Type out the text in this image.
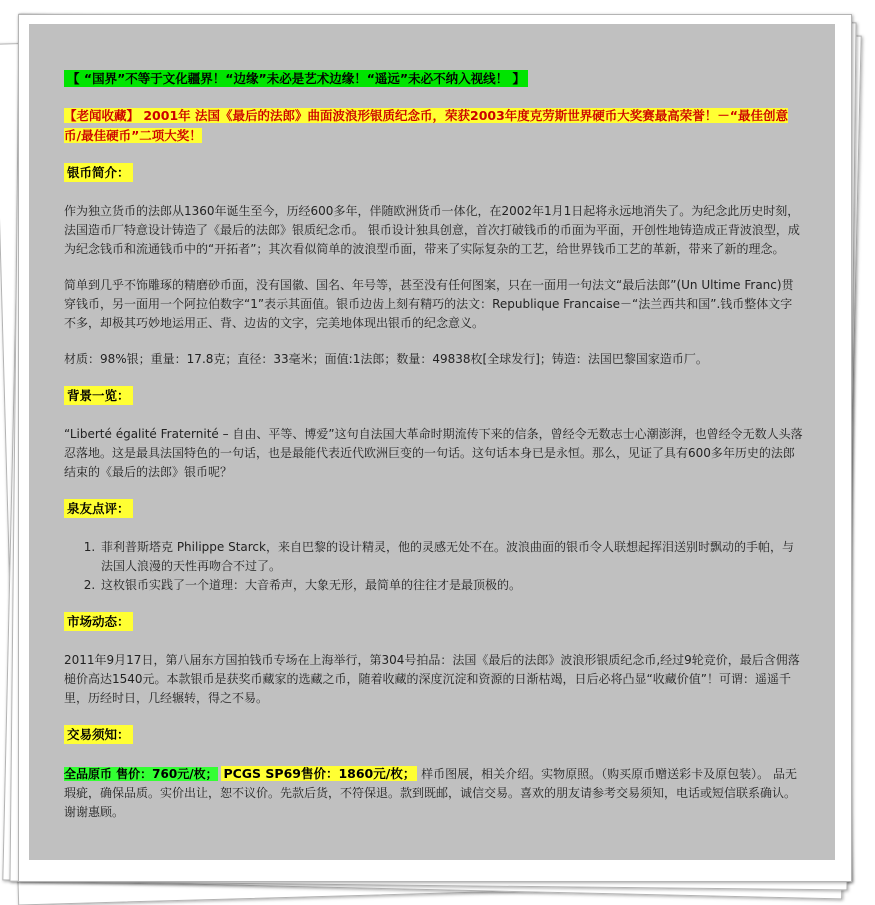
【 “国界”不等于文化疆界！“边缘”未必是艺术边缘！“遥远”未必不纳入视线！ 】

【老闻收藏】 2001年 法国《最后的法郎》曲面波浪形银质纪念币，荣获2003年度克劳斯世界硬币大奖赛最高荣誉！－“最佳创意币/最佳硬币”二项大奖！

银币简介：

作为独立货币的法郎从1360年诞生至今，历经600多年，伴随欧洲货币一体化，在2002年1月1日起将永远地消失了。为纪念此历史时刻，法国造币厂特意设计铸造了《最后的法郎》银质纪念币。 银币设计独具创意，首次打破钱币的币面为平面，开创性地铸造成正背波浪型，成为纪念钱币和流通钱币中的“开拓者”；其次看似简单的波浪型币面，带来了实际复杂的工艺，给世界钱币工艺的革新，带来了新的理念。

简单到几乎不饰雕琢的精磨砂币面，没有国徽、国名、年号等，甚至没有任何图案，只在一面用一句法文“最后法郎”(Un Ultime Franc)贯穿钱币，另一面用一个阿拉伯数字“1”表示其面值。银币边齿上刻有精巧的法文：Republique Francaise－“法兰西共和国”.钱币整体文字不多，却极其巧妙地运用正、背、边齿的文字，完美地体现出银币的纪念意义。

材质：98%银；重量：17.8克；直径：33毫米；面值:1法郎；数量：49838枚[全球发行]；铸造：法国巴黎国家造币厂。

背景一览：

“Liberté égalité Fraternité – 自由、平等、博爱”这句自法国大革命时期流传下来的信条，曾经令无数志士心潮澎湃，也曾经令无数人头落忍落地。这是最具法国特色的一句话，也是最能代表近代欧洲巨变的一句话。这句话本身已是永恒。那么，见证了具有600多年历史的法郎结束的《最后的法郎》银币呢？

泉友点评：
1. 菲利普斯塔克 Philippe Starck，来自巴黎的设计精灵，他的灵感无处不在。波浪曲面的银币令人联想起挥泪送别时飘动的手帕，与法国人浪漫的天性再吻合不过了。
2. 这枚银币实践了一个道理：大音希声，大象无形，最简单的往往才是最顶极的。
市场动态：

2011年9月17日，第八届东方国拍钱币专场在上海举行，第304号拍品：法国《最后的法郎》波浪形银质纪念币,经过9轮竞价，最后含佣落槌价高达1540元。本款银币是获奖币藏家的选藏之币，随着收藏的深度沉淀和资源的日渐枯竭，日后必将凸显“收藏价值”！可谓：遥遥千里，历经时日，几经辗转，得之不易。

交易须知：

全品原币 售价：760元/枚； PCGS SP69售价：1860元/枚； 样币图展，相关介绍。实物原照。（购买原币赠送彩卡及原包装）。 品无瑕疵，确保品质。实价出让，恕不议价。先款后货，不符保退。款到既邮，诚信交易。喜欢的朋友请参考交易须知，电话或短信联系确认。谢谢惠顾。
